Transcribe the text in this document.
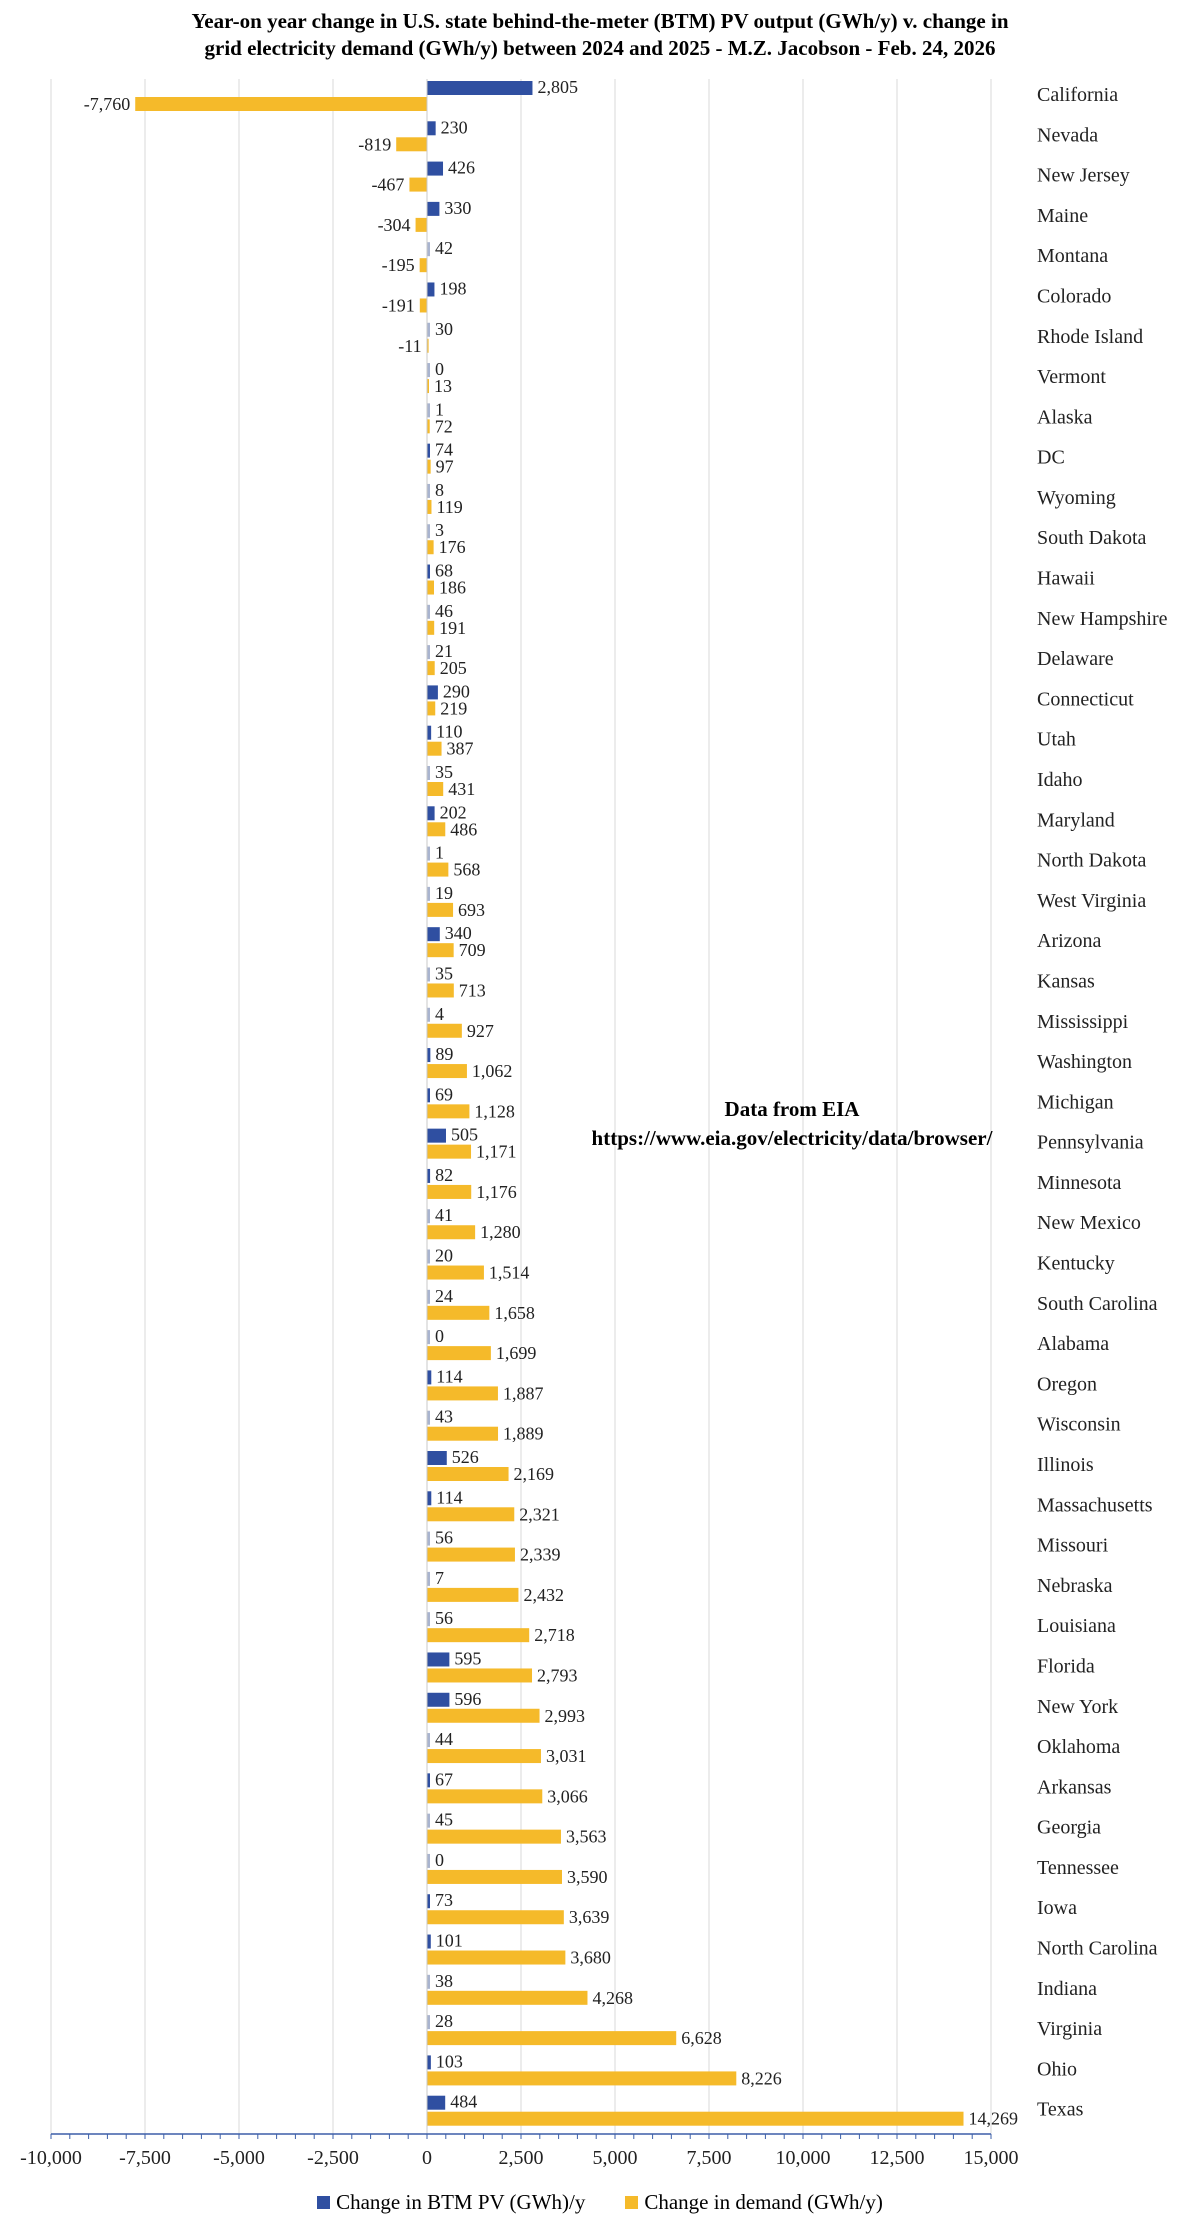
2,805
-7,760	California
230
-819	Nevada
426
-467	New Jersey
330
-304	Maine
42
-195	Montana
198
-191	Colorado
30
-11	Rhode Island
0
13	Vermont
1
72	Alaska
74
97	DC
8
119	Wyoming
3
176	South Dakota
68
186	Hawaii
46
191	New Hampshire
21
205	Delaware
290
219	Connecticut
110
387	Utah
35
431	Idaho
202
486	Maryland
1
568	North Dakota
19
693	West Virginia
340
709	Arizona
35
713	Kansas
4
927	Mississippi
89
1,062	Washington
69
1,128	Michigan
505
1,171	Pennsylvania
82
1,176	Minnesota
41
1,280	New Mexico
20
1,514	Kentucky
24
1,658	South Carolina
0
1,699	Alabama
114
1,887	Oregon
43
1,889	Wisconsin
526
2,169	Illinois
114
2,321	Massachusetts
56
2,339	Missouri
7
2,432	Nebraska
56
2,718	Louisiana
595
2,793	Florida
596
2,993	New York
44
3,031	Oklahoma
67
3,066	Arkansas
45
3,563	Georgia
0
3,590	Tennessee
73
3,639	Iowa
101
3,680	North Carolina
38
4,268	Indiana
28
6,628	Virginia
103
8,226	Ohio
484
14,269 Texas
-10,000 -7,500 -5,000 -2,500	0	2,500 5,000 7,500 10,000 12,500 15,000
Data from EIA
https://www.eia.gov/electricity/data/browser/
Year-on year change in U.S. state behind-the-meter (BTM) PV output (GWh/y) v. change in
grid electricity demand (GWh/y) between 2024 and 2025 - M.Z. Jacobson - Feb. 24, 2026
Change in BTM PV (GWh)/y	Change in demand (GWh/y)
